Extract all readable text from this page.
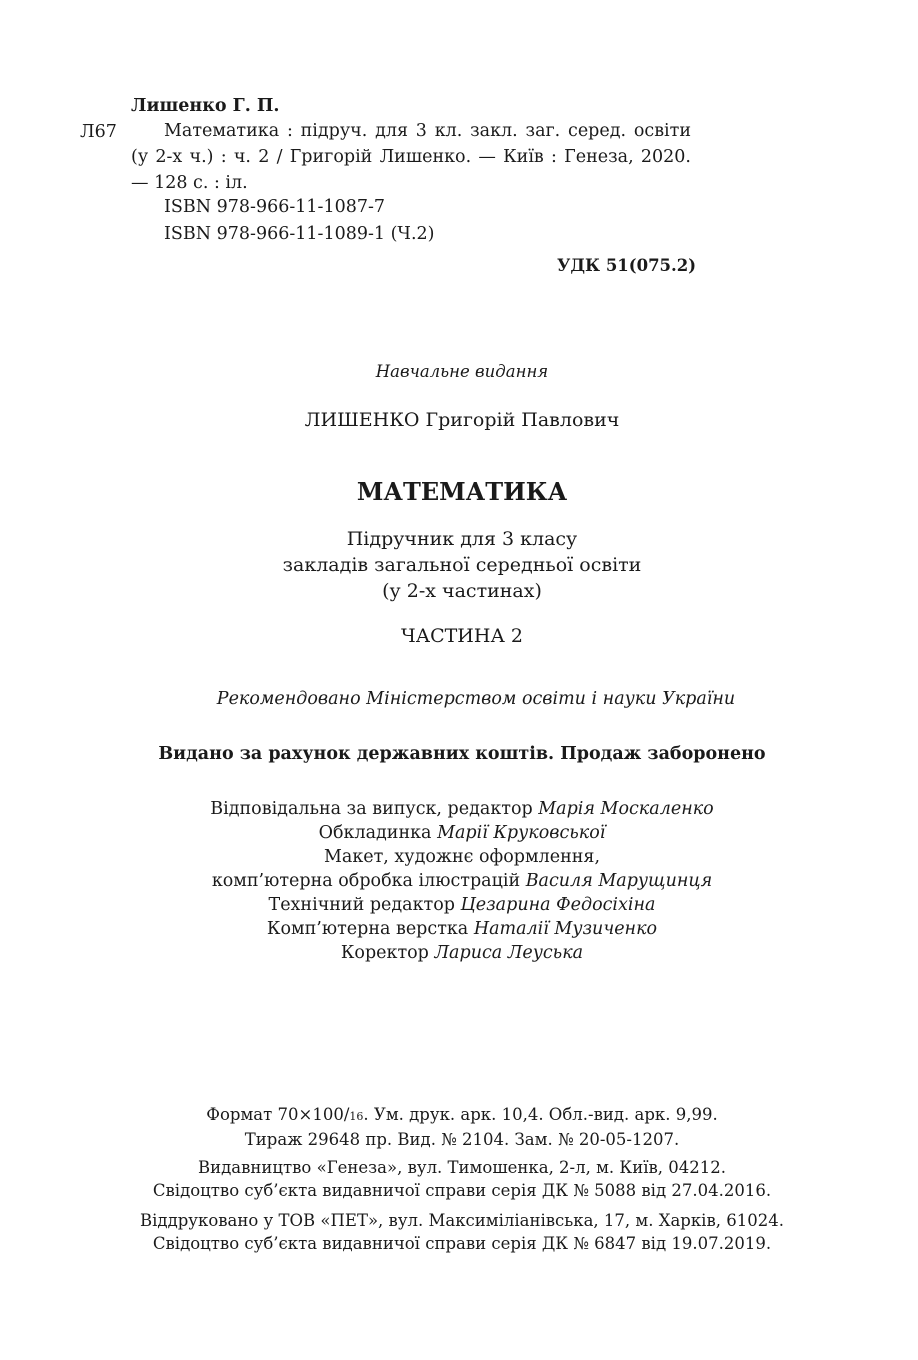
Лишенко Г. П.
Л67	Математика : підруч. для 3 кл. закл. заг. серед. освіти (у 2-х ч.) : ч. 2 / Григорій Лишенко. — Київ : Генеза, 2020. — 128 с. : іл.
ISBN 978-966-11-1087-7
ISBN 978-966-11-1089-1 (Ч.2)
УДК 51(075.2)
Навчальне видання
ЛИШЕНКО Григорій Павлович
МАТЕМАТИКА
Підручник для 3 класу
закладів загальної середньої освіти
(у 2-х частинах)
ЧАСТИНА 2
Рекомендовано Міністерством освіти і науки України
Видано за рахунок державних коштів. Продаж заборонено
Відповідальна за випуск, редактор Марія Москаленко
Обкладинка Марії Круковської
Макет, художнє оформлення,
комп’ютерна обробка ілюстрацій Василя Марущинця
Технічний редактор Цезарина Федосіхіна
Комп’ютерна верстка Наталії Музиченко
Коректор Лариса Леуська
Формат 70×100/16. Ум. друк. арк. 10,4. Обл.-вид. арк. 9,99.
Тираж 29648 пр. Вид. № 2104. Зам. № 20-05-1207.
Видавництво «Генеза», вул. Тимошенка, 2-л, м. Київ, 04212.
Свідоцтво суб’єкта видавничої справи серія ДК № 5088 від 27.04.2016.
Віддруковано у ТОВ «ПЕТ», вул. Максиміліанівська, 17, м. Харків, 61024.
Свідоцтво суб’єкта видавничої справи серія ДК № 6847 від 19.07.2019.
